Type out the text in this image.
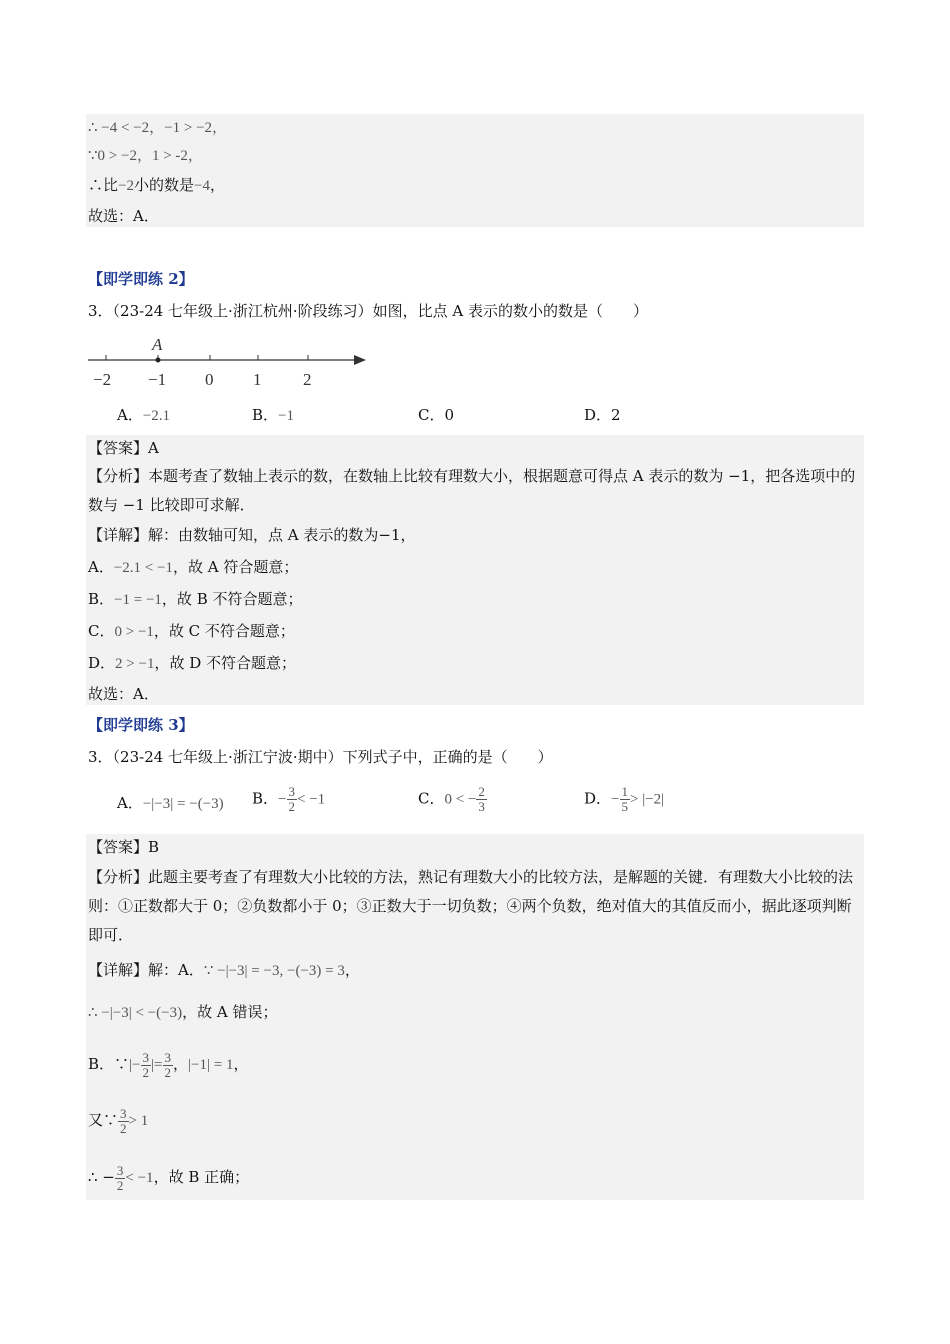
∴ −4 < −2，−1 > −2，
∵0 > −2，1 > -2，
∴比−2小的数是−4，
故选：A．
【即学即练 2】
3．（23-24 七年级上·浙江杭州·阶段练习）如图，比点 A 表示的数小的数是（　　）
A
−2 −1 0 1 2
A．−2.1	B．−1	C．0	D．2
【答案】A
【分析】本题考查了数轴上表示的数，在数轴上比较有理数大小，根据题意可得点 A 表示的数为 −1，把各选项中的数与 −1 比较即可求解．
【详解】解：由数轴可知，点 A 表示的数为−1，
A．−2.1 < −1，故 A 符合题意；
B．−1 = −1，故 B 不符合题意；
C．0 > −1，故 C 不符合题意；
D．2 > −1，故 D 不符合题意；
故选：A．
【即学即练 3】
3．（23-24 七年级上·浙江宁波·期中）下列式子中，正确的是（　　）
A．−|−3| = −(−3) B．− $\frac{3}{2} < -1$	C．0 < − $\frac{2}{3}$	D．− $\frac{1}{5} > |-2|$
【答案】B
【分析】此题主要考查了有理数大小比较的方法，熟记有理数大小的比较方法，是解题的关键．有理数大小比较的法则：①正数都大于 0；②负数都小于 0；③正数大于一切负数；④两个负数，绝对值大的其值反而小，据此逐项判断即可．
【详解】解：A．∵ −|−3| = −3, −(−3) = 3，
∴ −|−3| < −(−3)，故 A 错误；
B．∵|− $\frac{3}{2}$ |= $\frac{3}{2}$ ，|−1| = 1，
又∵ $\frac{3}{2} > 1$
∴ − $\frac{3}{2} < -1$，故 B 正确；
